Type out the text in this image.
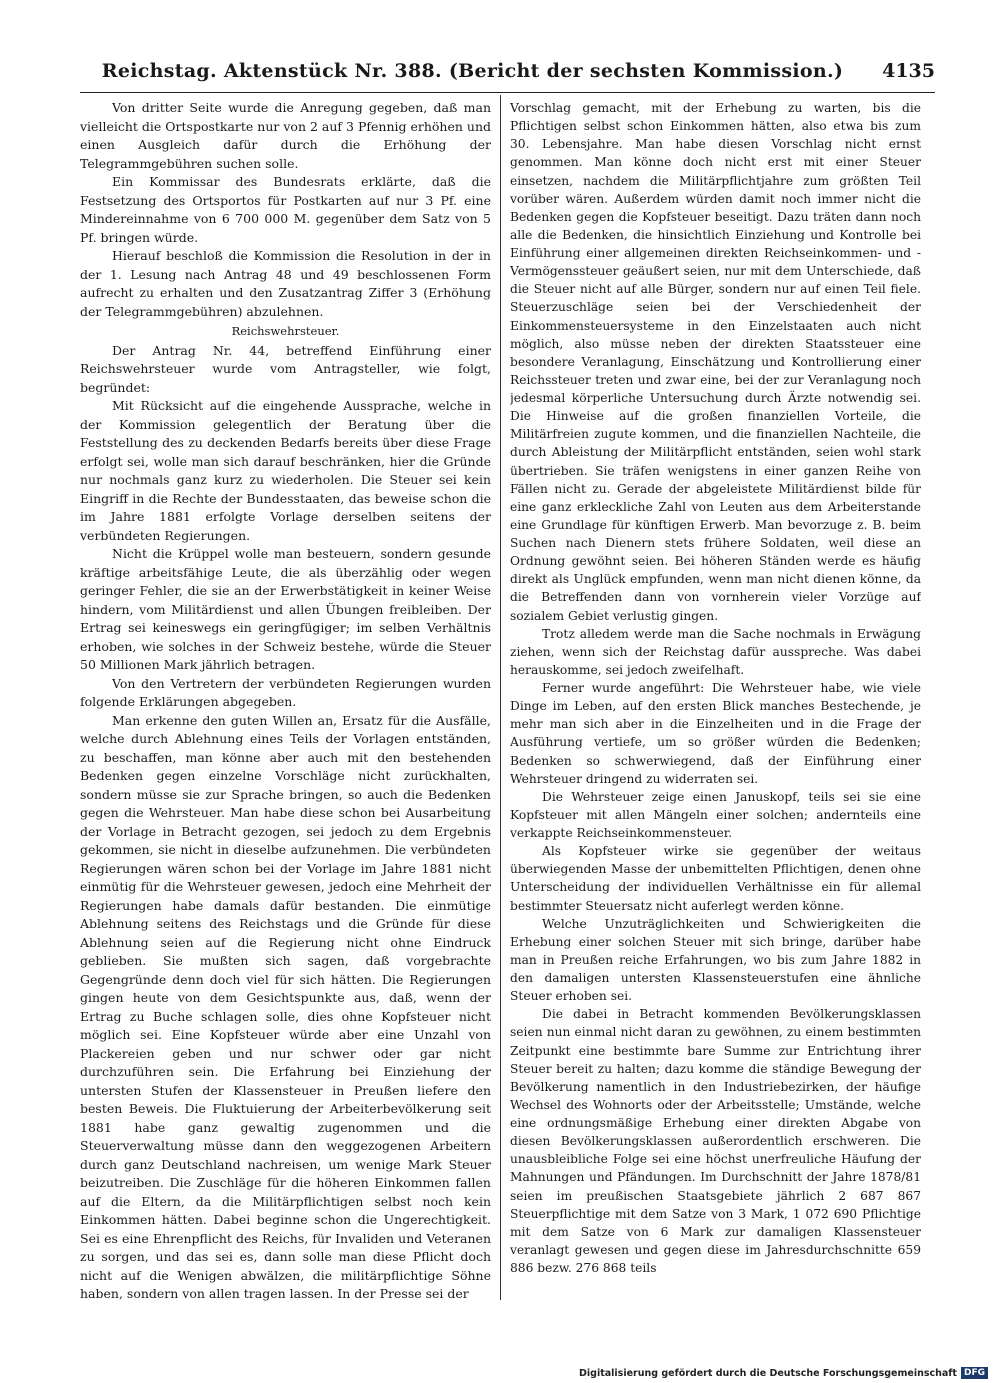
Reichstag. Aktenstück Nr. 388. (Bericht der sechsten Kommission.)	4135

Von dritter Seite wurde die Anregung gegeben, daß man vielleicht die Ortspostkarte nur von 2 auf 3 Pfennig erhöhen und einen Ausgleich dafür durch die Erhöhung der Telegrammgebühren suchen solle.

Ein Kommissar des Bundesrats erklärte, daß die Festsetzung des Ortsportos für Postkarten auf nur 3 Pf. eine Mindereinnahme von 6 700 000 M. gegenüber dem Satz von 5 Pf. bringen würde.

Hierauf beschloß die Kommission die Resolution in der in der 1. Lesung nach Antrag 48 und 49 beschlossenen Form aufrecht zu erhalten und den Zusatzantrag Ziffer 3 (Erhöhung der Telegrammgebühren) abzulehnen.

Reichswehrsteuer.

Der Antrag Nr. 44, betreffend Einführung einer Reichswehrsteuer wurde vom Antragsteller, wie folgt, begründet:

Mit Rücksicht auf die eingehende Aussprache, welche in der Kommission gelegentlich der Beratung über die Feststellung des zu deckenden Bedarfs bereits über diese Frage erfolgt sei, wolle man sich darauf beschränken, hier die Gründe nur nochmals ganz kurz zu wiederholen. Die Steuer sei kein Eingriff in die Rechte der Bundesstaaten, das beweise schon die im Jahre 1881 erfolgte Vorlage derselben seitens der verbündeten Regierungen.

Nicht die Krüppel wolle man besteuern, sondern gesunde kräftige arbeitsfähige Leute, die als überzählig oder wegen geringer Fehler, die sie an der Erwerbstätigkeit in keiner Weise hindern, vom Militärdienst und allen Übungen freibleiben. Der Ertrag sei keineswegs ein geringfügiger; im selben Verhältnis erhoben, wie solches in der Schweiz bestehe, würde die Steuer 50 Millionen Mark jährlich betragen.

Von den Vertretern der verbündeten Regierungen wurden folgende Erklärungen abgegeben.

Man erkenne den guten Willen an, Ersatz für die Ausfälle, welche durch Ablehnung eines Teils der Vorlagen entständen, zu beschaffen, man könne aber auch mit den bestehenden Bedenken gegen einzelne Vorschläge nicht zurückhalten, sondern müsse sie zur Sprache bringen, so auch die Bedenken gegen die Wehrsteuer. Man habe diese schon bei Ausarbeitung der Vorlage in Betracht gezogen, sei jedoch zu dem Ergebnis gekommen, sie nicht in dieselbe aufzunehmen. Die verbündeten Regierungen wären schon bei der Vorlage im Jahre 1881 nicht einmütig für die Wehrsteuer gewesen, jedoch eine Mehrheit der Regierungen habe damals dafür bestanden. Die einmütige Ablehnung seitens des Reichstags und die Gründe für diese Ablehnung seien auf die Regierung nicht ohne Eindruck geblieben. Sie mußten sich sagen, daß vorgebrachte Gegengründe denn doch viel für sich hätten. Die Regierungen gingen heute von dem Gesichtspunkte aus, daß, wenn der Ertrag zu Buche schlagen solle, dies ohne Kopfsteuer nicht möglich sei. Eine Kopfsteuer würde aber eine Unzahl von Plackereien geben und nur schwer oder gar nicht durchzuführen sein. Die Erfahrung bei Einziehung der untersten Stufen der Klassensteuer in Preußen liefere den besten Beweis. Die Fluktuierung der Arbeiterbevölkerung seit 1881 habe ganz gewaltig zugenommen und die Steuerverwaltung müsse dann den weggezogenen Arbeitern durch ganz Deutschland nachreisen, um wenige Mark Steuer beizutreiben. Die Zuschläge für die höheren Einkommen fallen auf die Eltern, da die Militärpflichtigen selbst noch kein Einkommen hätten. Dabei beginne schon die Ungerechtigkeit. Sei es eine Ehrenpflicht des Reichs, für Invaliden und Veteranen zu sorgen, und das sei es, dann solle man diese Pflicht doch nicht auf die Wenigen abwälzen, die militärpflichtige Söhne haben, sondern von allen tragen lassen. In der Presse sei der

Vorschlag gemacht, mit der Erhebung zu warten, bis die Pflichtigen selbst schon Einkommen hätten, also etwa bis zum 30. Lebensjahre. Man habe diesen Vorschlag nicht ernst genommen. Man könne doch nicht erst mit einer Steuer einsetzen, nachdem die Militärpflichtjahre zum größten Teil vorüber wären. Außerdem würden damit noch immer nicht die Bedenken gegen die Kopfsteuer beseitigt. Dazu träten dann noch alle die Bedenken, die hinsichtlich Einziehung und Kontrolle bei Einführung einer allgemeinen direkten Reichseinkommen- und -Vermögenssteuer geäußert seien, nur mit dem Unterschiede, daß die Steuer nicht auf alle Bürger, sondern nur auf einen Teil fiele. Steuerzuschläge seien bei der Verschiedenheit der Einkommensteuersysteme in den Einzelstaaten auch nicht möglich, also müsse neben der direkten Staatssteuer eine besondere Veranlagung, Einschätzung und Kontrollierung einer Reichssteuer treten und zwar eine, bei der zur Veranlagung noch jedesmal körperliche Untersuchung durch Ärzte notwendig sei. Die Hinweise auf die großen finanziellen Vorteile, die Militärfreien zugute kommen, und die finanziellen Nachteile, die durch Ableistung der Militärpflicht entständen, seien wohl stark übertrieben. Sie träfen wenigstens in einer ganzen Reihe von Fällen nicht zu. Gerade der abgeleistete Militärdienst bilde für eine ganz erkleckliche Zahl von Leuten aus dem Arbeiterstande eine Grundlage für künftigen Erwerb. Man bevorzuge z. B. beim Suchen nach Dienern stets frühere Soldaten, weil diese an Ordnung gewöhnt seien. Bei höheren Ständen werde es häufig direkt als Unglück empfunden, wenn man nicht dienen könne, da die Betreffenden dann von vornherein vieler Vorzüge auf sozialem Gebiet verlustig gingen.

Trotz alledem werde man die Sache nochmals in Erwägung ziehen, wenn sich der Reichstag dafür ausspreche. Was dabei herauskomme, sei jedoch zweifelhaft.

Ferner wurde angeführt: Die Wehrsteuer habe, wie viele Dinge im Leben, auf den ersten Blick manches Bestechende, je mehr man sich aber in die Einzelheiten und in die Frage der Ausführung vertiefe, um so größer würden die Bedenken; Bedenken so schwerwiegend, daß der Einführung einer Wehrsteuer dringend zu widerraten sei.

Die Wehrsteuer zeige einen Januskopf, teils sei sie eine Kopfsteuer mit allen Mängeln einer solchen; andernteils eine verkappte Reichseinkommensteuer.

Als Kopfsteuer wirke sie gegenüber der weitaus überwiegenden Masse der unbemittelten Pflichtigen, denen ohne Unterscheidung der individuellen Verhältnisse ein für allemal bestimmter Steuersatz nicht auferlegt werden könne.

Welche Unzuträglichkeiten und Schwierigkeiten die Erhebung einer solchen Steuer mit sich bringe, darüber habe man in Preußen reiche Erfahrungen, wo bis zum Jahre 1882 in den damaligen untersten Klassensteuerstufen eine ähnliche Steuer erhoben sei.

Die dabei in Betracht kommenden Bevölkerungsklassen seien nun einmal nicht daran zu gewöhnen, zu einem bestimmten Zeitpunkt eine bestimmte bare Summe zur Entrichtung ihrer Steuer bereit zu halten; dazu komme die ständige Bewegung der Bevölkerung namentlich in den Industriebezirken, der häufige Wechsel des Wohnorts oder der Arbeitsstelle; Umstände, welche eine ordnungsmäßige Erhebung einer direkten Abgabe von diesen Bevölkerungsklassen außerordentlich erschweren. Die unausbleibliche Folge sei eine höchst unerfreuliche Häufung der Mahnungen und Pfändungen. Im Durchschnitt der Jahre 1878/81 seien im preußischen Staatsgebiete jährlich 2 687 867 Steuerpflichtige mit dem Satze von 3 Mark, 1 072 690 Pflichtige mit dem Satze von 6 Mark zur damaligen Klassensteuer veranlagt gewesen und gegen diese im Jahresdurchschnitte 659 886 bezw. 276 868 teils

Digitalisierung gefördert durch die Deutsche Forschungsgemeinschaft DFG
